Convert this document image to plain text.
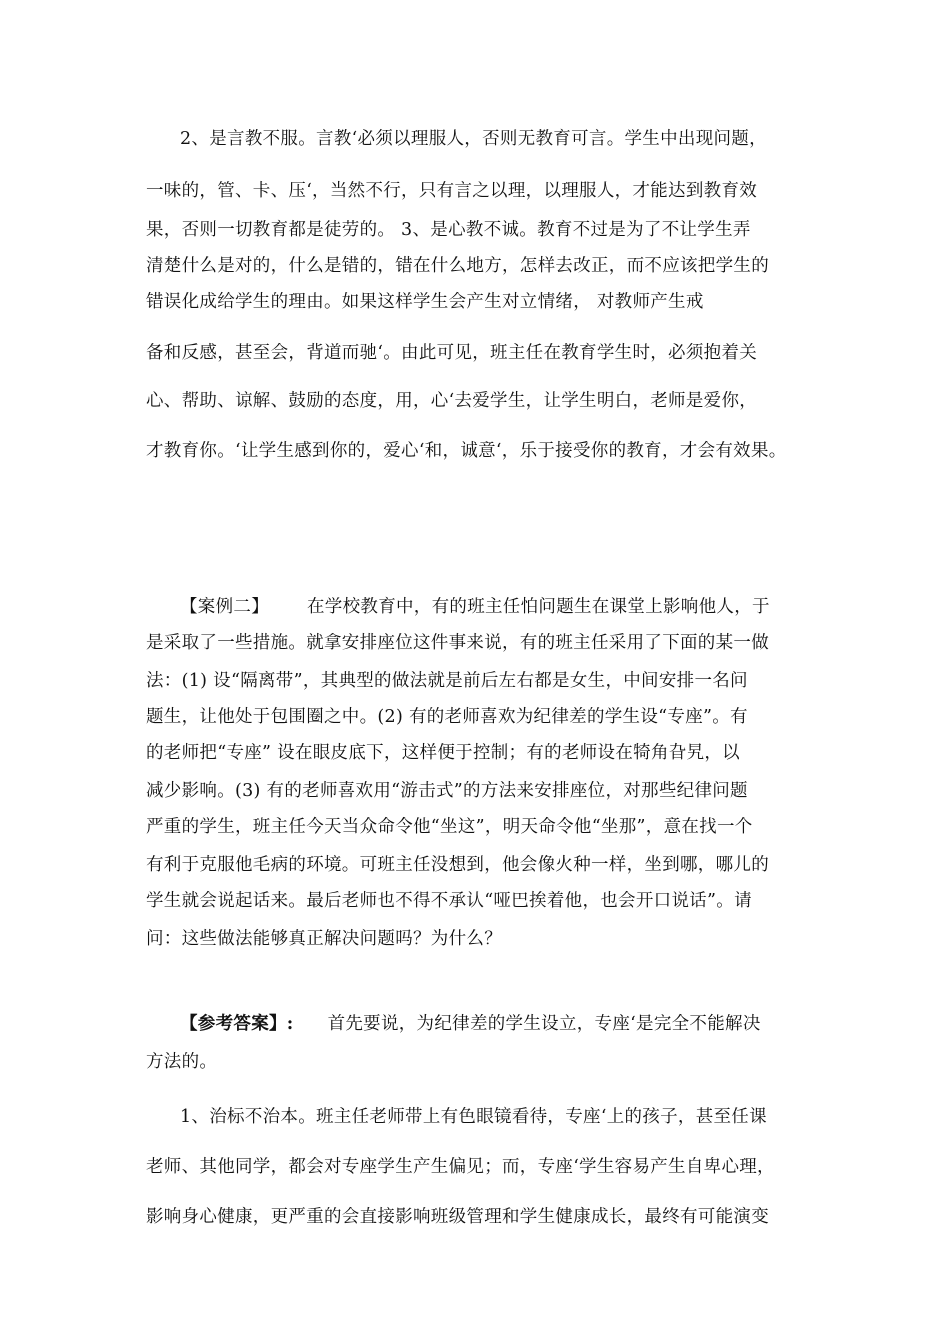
2、是言教不服。言教‘必须以理服人，否则无教育可言。学生中出现问题，
一味的，管、卡、压‘，当然不行，只有言之以理，以理服人，才能达到教育效
果，否则一切教育都是徒劳的。 3、是心教不诚。教育不过是为了不让学生弄
清楚什么是对的，什么是错的，错在什么地方，怎样去改正，而不应该把学生的
错误化成给学生的理由。如果这样学生会产生对立情绪， 对教师产生戒
备和反感，甚至会，背道而驰‘。由此可见，班主任在教育学生时，必须抱着关
心、帮助、谅解、鼓励的态度，用，心‘去爱学生，让学生明白，老师是爱你，
才教育你。‘让学生感到你的，爱心‘和，诚意‘，乐于接受你的教育，才会有效果。
【案例二】 在学校教育中，有的班主任怕问题生在课堂上影响他人，于
是采取了一些措施。就拿安排座位这件事来说，有的班主任采用了下面的某一做
法：(1) 设“隔离带”，其典型的做法就是前后左右都是女生，中间安排一名问
题生，让他处于包围圈之中。(2) 有的老师喜欢为纪律差的学生设“专座”。有
的老师把“专座” 设在眼皮底下，这样便于控制；有的老师设在犄角旮旯，以
减少影响。(3) 有的老师喜欢用“游击式”的方法来安排座位，对那些纪律问题
严重的学生，班主任今天当众命令他“坐这”，明天命令他“坐那”，意在找一个
有利于克服他毛病的环境。可班主任没想到，他会像火种一样，坐到哪，哪儿的
学生就会说起话来。最后老师也不得不承认“哑巴挨着他，也会开口说话”。请
问：这些做法能够真正解决问题吗？为什么？
【参考答案】: 首先要说，为纪律差的学生设立，专座‘是完全不能解决
方法的。
1、治标不治本。班主任老师带上有色眼镜看待，专座‘上的孩子，甚至任课
老师、其他同学，都会对专座学生产生偏见；而，专座‘学生容易产生自卑心理，
影响身心健康，更严重的会直接影响班级管理和学生健康成长，最终有可能演变
